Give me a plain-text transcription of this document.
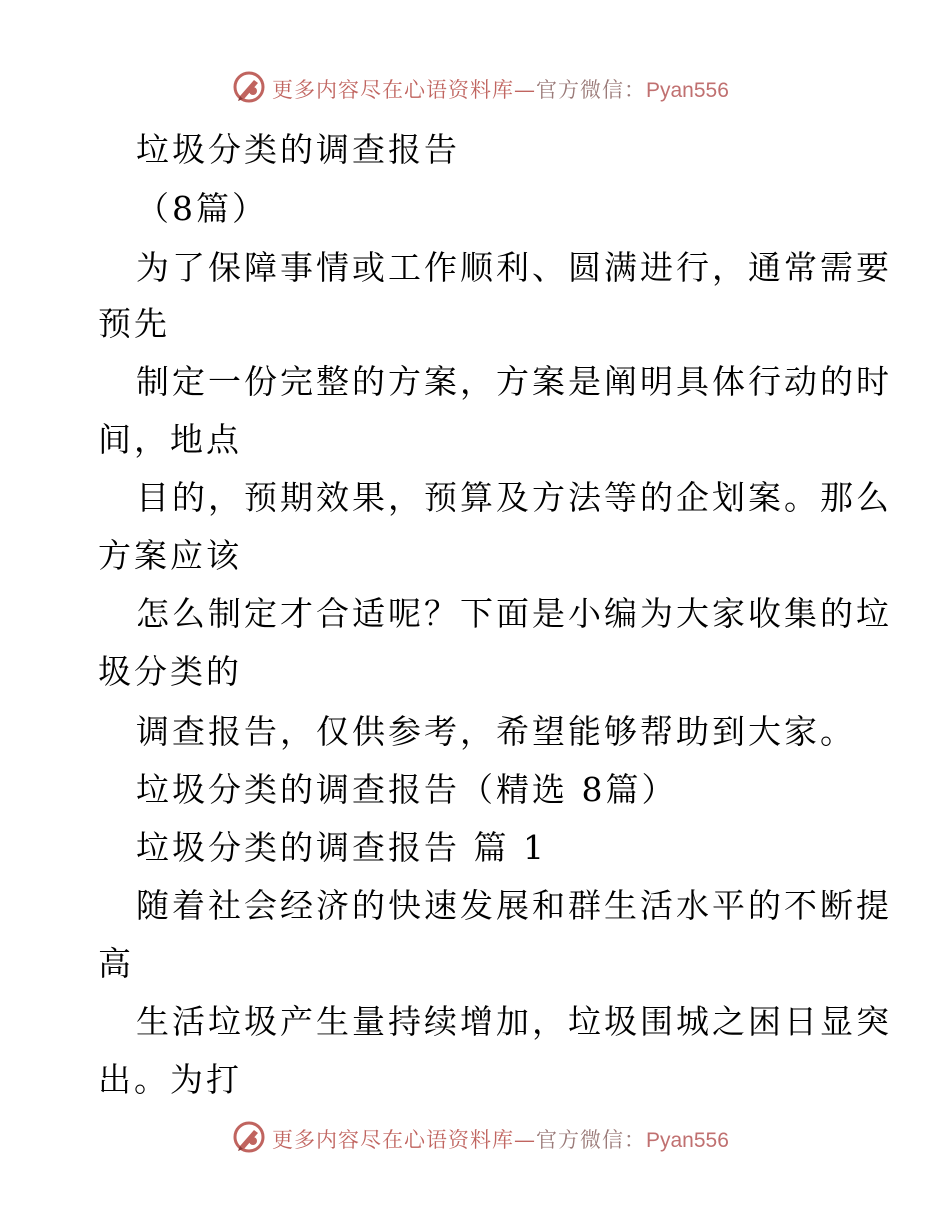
更多内容尽在心语资料库—官方微信：Pyan556
垃圾分类的调查报告
（8篇）
为了保障事情或工作顺利、圆满进行，通常需要
预先
制定一份完整的方案，方案是阐明具体行动的时
间，地点
目的，预期效果，预算及方法等的企划案。那么
方案应该
怎么制定才合适呢？下面是小编为大家收集的垃
圾分类的
调查报告，仅供参考，希望能够帮助到大家。
垃圾分类的调查报告（精选 8篇）
垃圾分类的调查报告 篇 1
随着社会经济的快速发展和群生活水平的不断提
高
生活垃圾产生量持续增加，垃圾围城之困日显突
出。为打
更多内容尽在心语资料库—官方微信：Pyan556
